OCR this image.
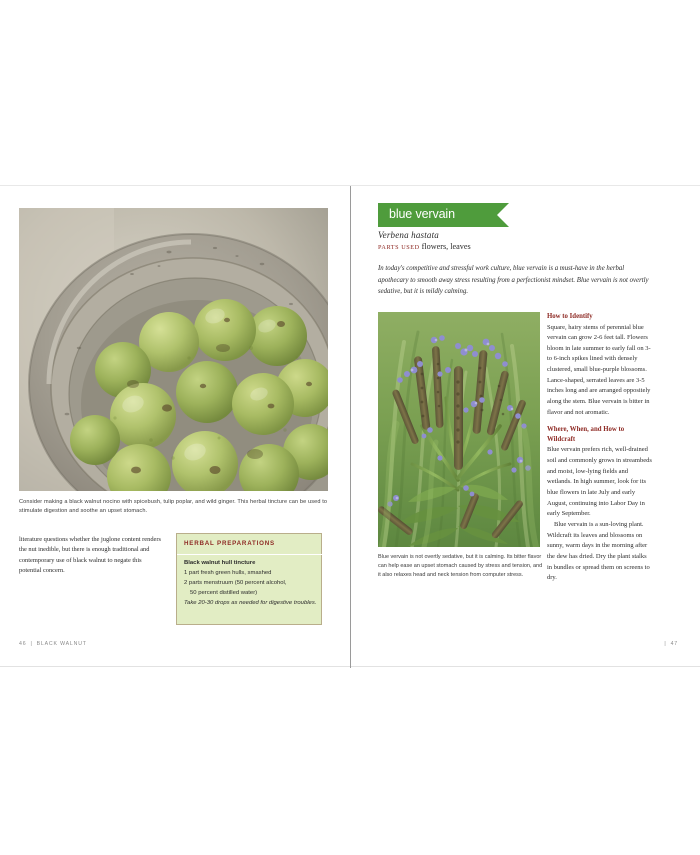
Consider making a black walnut nocino with spicebush, tulip poplar, and wild ginger. This herbal tincture can be used to stimulate digestion and soothe an upset stomach.
literature questions whether the juglone content renders the nut inedible, but there is enough traditional and contemporary use of black walnut to negate this potential concern.
HERBAL PREPARATIONS
Black walnut hull tincture
1 part fresh green hulls, smashed
2 parts menstruum (50 percent alcohol,
50 percent distilled water)
Take 20-30 drops as needed for digestive troubles.
46 | BLACK WALNUT
blue vervain
Verbena hastata
PARTS USED flowers, leaves
In today's competitive and stressful work culture, blue vervain is a must-have in the herbal apothecary to smooth away stress resulting from a perfectionist mindset. Blue vervain is not overtly sedative, but it is mildly calming.
Blue vervain is not overtly sedative, but it is calming. Its bitter flavor can help ease an upset stomach caused by stress and tension, and it also relaxes head and neck tension from computer stress.
How to Identify

Square, hairy stems of perennial blue vervain can grow 2-6 feet tall. Flowers bloom in late summer to early fall on 3- to 6-inch spikes lined with densely clustered, small blue-purple blossoms. Lance-shaped, serrated leaves are 3-5 inches long and are arranged oppositely along the stem. Blue vervain is bitter in flavor and not aromatic.

Where, When, and How to Wildcraft

Blue vervain prefers rich, well-drained soil and commonly grows in streambeds and moist, low-lying fields and wetlands. In high summer, look for its blue flowers in late July and early August, continuing into Labor Day in early September.

Blue vervain is a sun-loving plant. Wildcraft its leaves and blossoms on sunny, warm days in the morning after the dew has dried. Dry the plant stalks in bundles or spread them on screens to dry.

| 47
